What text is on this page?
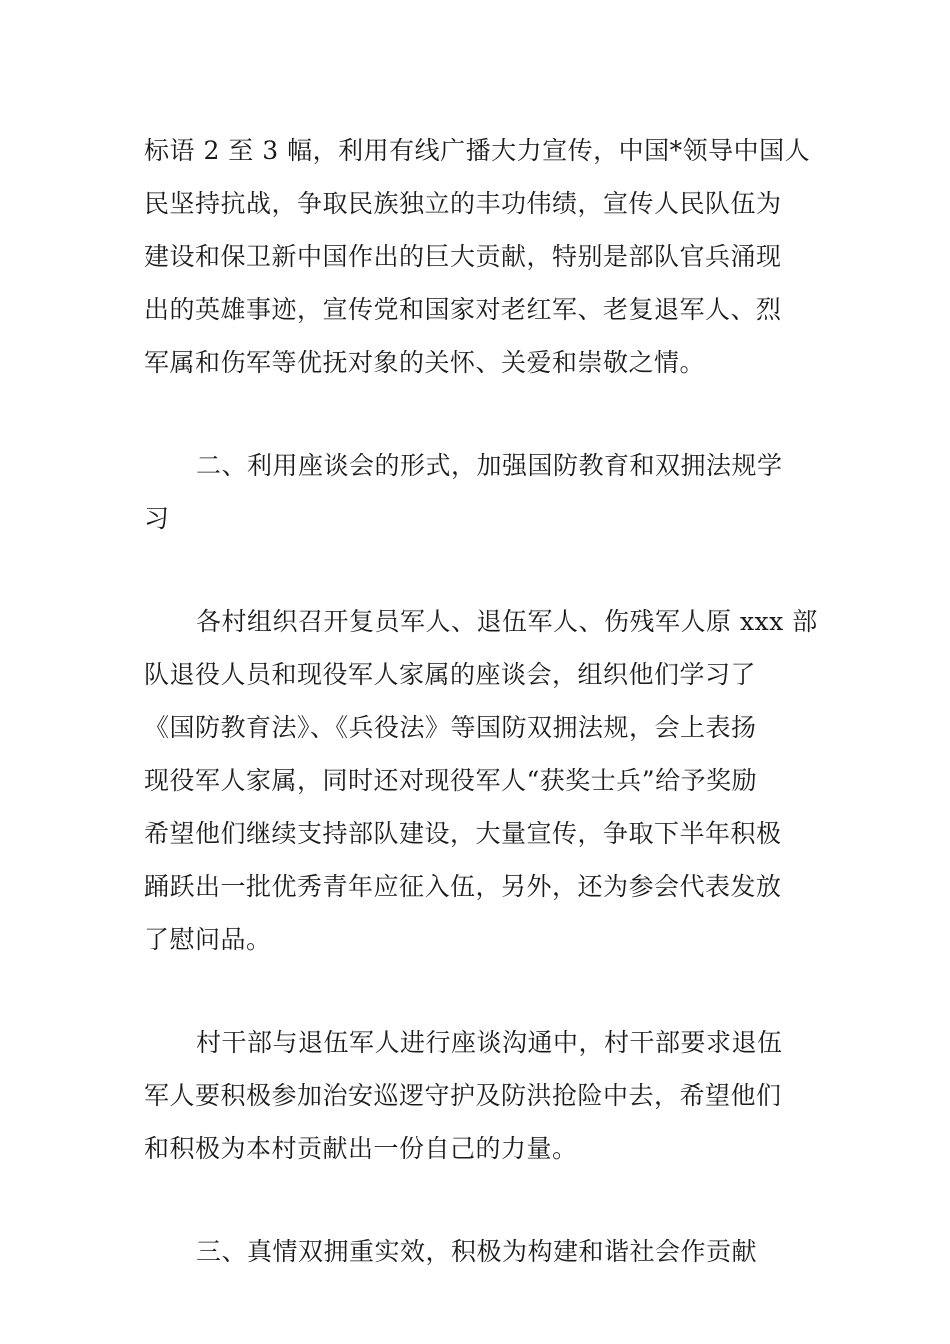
标语 2 至 3 幅，利用有线广播大力宣传，中国*领导中国人
民坚持抗战，争取民族独立的丰功伟绩，宣传人民队伍为
建设和保卫新中国作出的巨大贡献，特别是部队官兵涌现
出的英雄事迹，宣传党和国家对老红军、老复退军人、烈
军属和伤军等优抚对象的关怀、关爱和崇敬之情。
二、利用座谈会的形式，加强国防教育和双拥法规学
习
各村组织召开复员军人、退伍军人、伤残军人原 xxx 部
队退役人员和现役军人家属的座谈会，组织他们学习了
《国防教育法》、《兵役法》等国防双拥法规，会上表扬
现役军人家属，同时还对现役军人“获奖士兵”给予奖励
希望他们继续支持部队建设，大量宣传，争取下半年积极
踊跃出一批优秀青年应征入伍，另外，还为参会代表发放
了慰问品。
村干部与退伍军人进行座谈沟通中，村干部要求退伍
军人要积极参加治安巡逻守护及防洪抢险中去，希望他们
和积极为本村贡献出一份自己的力量。
三、真情双拥重实效，积极为构建和谐社会作贡献
